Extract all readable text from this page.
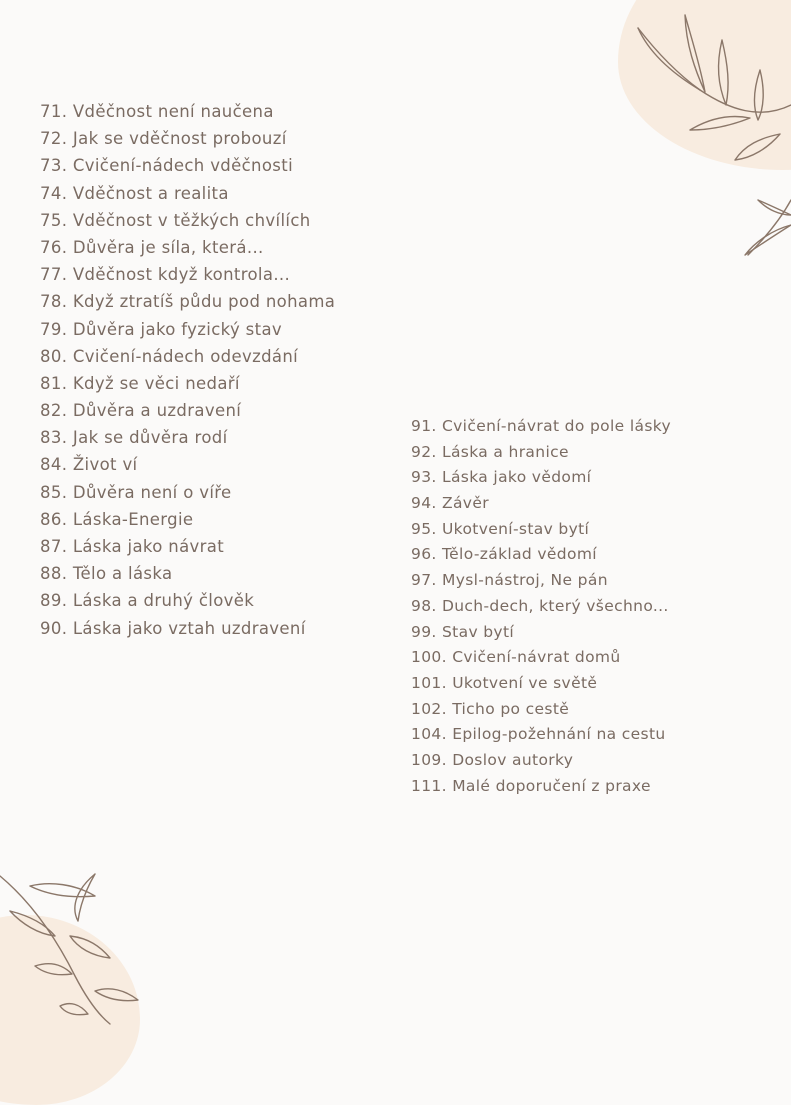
71. Vděčnost není naučena
72. Jak se vděčnost probouzí
73. Cvičení-nádech vděčnosti
74. Vděčnost a realita
75. Vděčnost v těžkých chvílích
76. Důvěra je síla, která...
77. Vděčnost když kontrola...
78. Když ztratíš půdu pod nohama
79. Důvěra jako fyzický stav
80. Cvičení-nádech odevzdání
81. Když se věci nedaří
82. Důvěra a uzdravení
83. Jak se důvěra rodí
84. Život ví
85. Důvěra není o víře
86. Láska-Energie
87. Láska jako návrat
88. Tělo a láska
89. Láska a druhý člověk
90. Láska jako vztah uzdravení
91. Cvičení-návrat do pole lásky
92. Láska a hranice
93. Láska jako vědomí
94. Závěr
95. Ukotvení-stav bytí
96. Tělo-základ vědomí
97. Mysl-nástroj, Ne pán
98. Duch-dech, který všechno...
99. Stav bytí
100. Cvičení-návrat domů
101. Ukotvení ve světě
102. Ticho po cestě
104. Epilog-požehnání na cestu
109. Doslov autorky
111. Malé doporučení z praxe
